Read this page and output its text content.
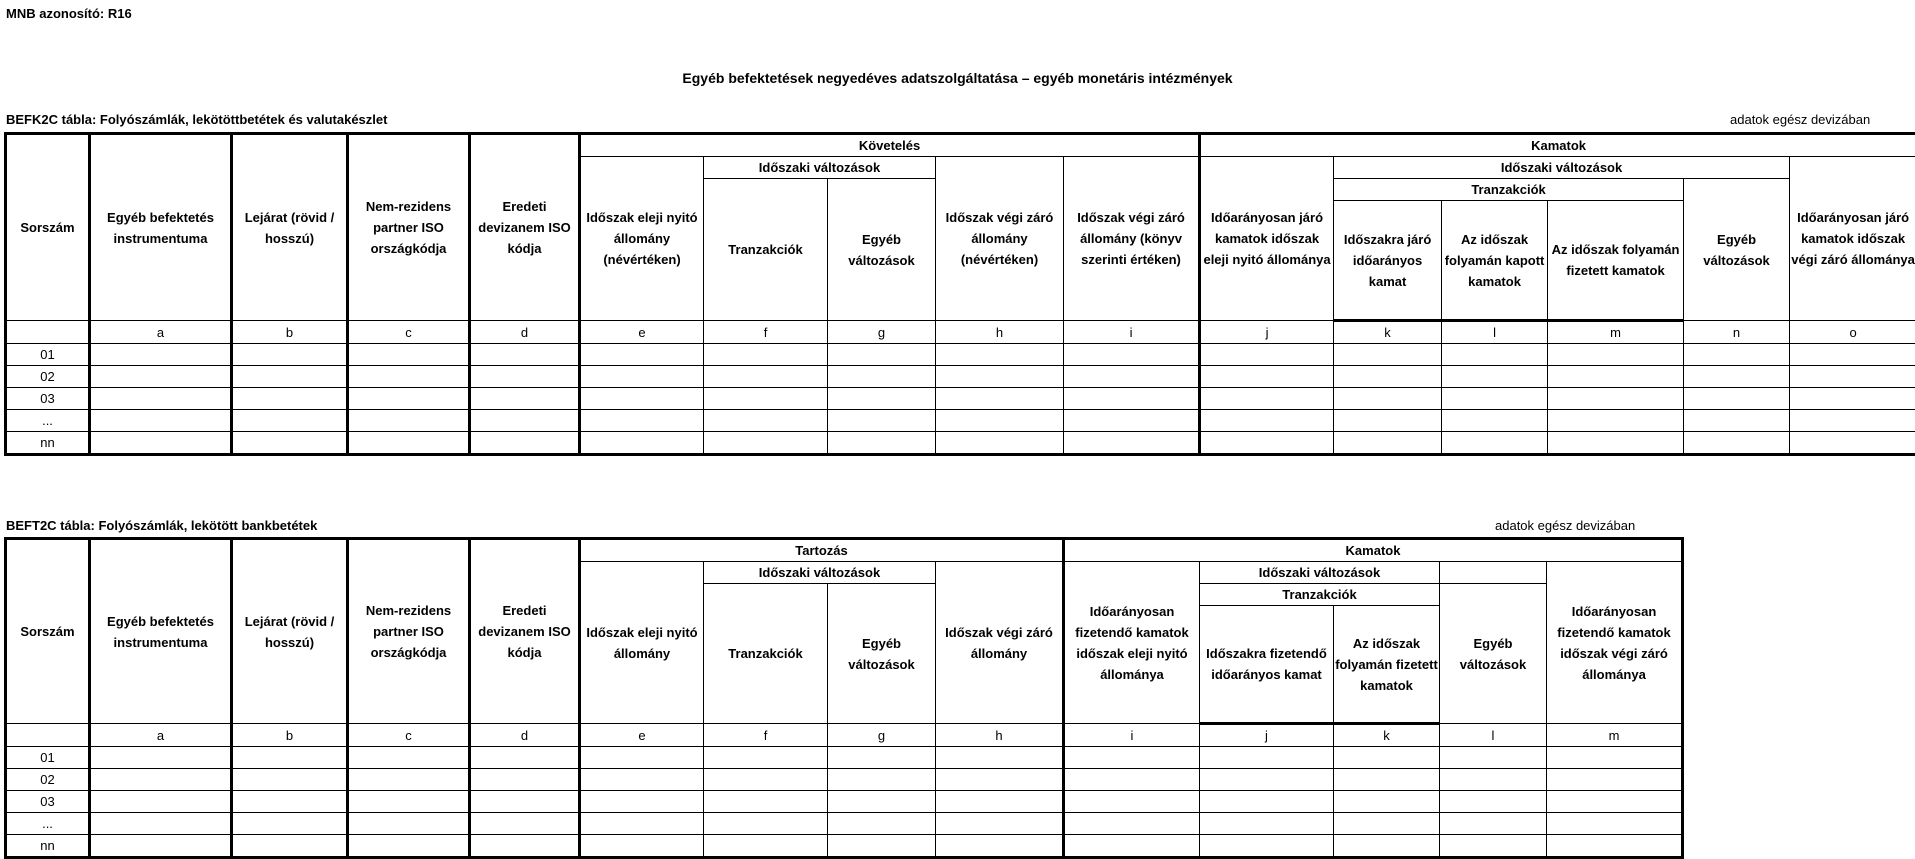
MNB azonosító: R16
Egyéb befektetések negyedéves adatszolgáltatása – egyéb monetáris intézmények
BEFK2C tábla: Folyószámlák, lekötöttbetétek és valutakészlet	adatok egész devizában
Sorszám	Egyéb befektetés instrumentuma	Lejárat (rövid / hosszú)	Nem-rezidens partner ISO országkódja	Eredeti devizanem ISO kódja	Követelés					Kamatok					
					Időszak eleji nyitó állomány (névértéken)	Időszaki változások		Időszak végi záró állomány (névértéken)	Időszak végi záró állomány (könyv szerinti értéken)	Időarányosan járó kamatok időszak eleji nyitó állománya	Időszaki változások				Időarányosan járó kamatok időszak végi záró állománya
						Tranzakciók	Egyéb változások				Tranzakciók			Egyéb változások	
											Időszakra járó időarányos kamat	Az időszak folyamán kapott kamatok	Az időszak folyamán fizetett kamatok		
	a	b	c	d	e	f	g	h	i	j	k	l	m	n	o
01															
02															
03															
...															
nn															
BEFT2C tábla: Folyószámlák, lekötött bankbetétek	adatok egész devizában
Sorszám	Egyéb befektetés instrumentuma	Lejárat (rövid / hosszú)	Nem-rezidens partner ISO országkódja	Eredeti devizanem ISO kódja	Tartozás				Kamatok				
					Időszak eleji nyitó állomány	Időszaki változások		Időszak végi záró állomány	Időarányosan fizetendő kamatok időszak eleji nyitó állománya	Időszaki változások			Időarányosan fizetendő kamatok időszak végi záró állománya
						Tranzakciók	Egyéb változások			Tranzakciók		Egyéb változások	
										Időszakra fizetendő időarányos kamat	Az időszak folyamán fizetett kamatok		
	a	b	c	d	e	f	g	h	i	j	k	l	m
01													
02													
03													
...													
nn													
